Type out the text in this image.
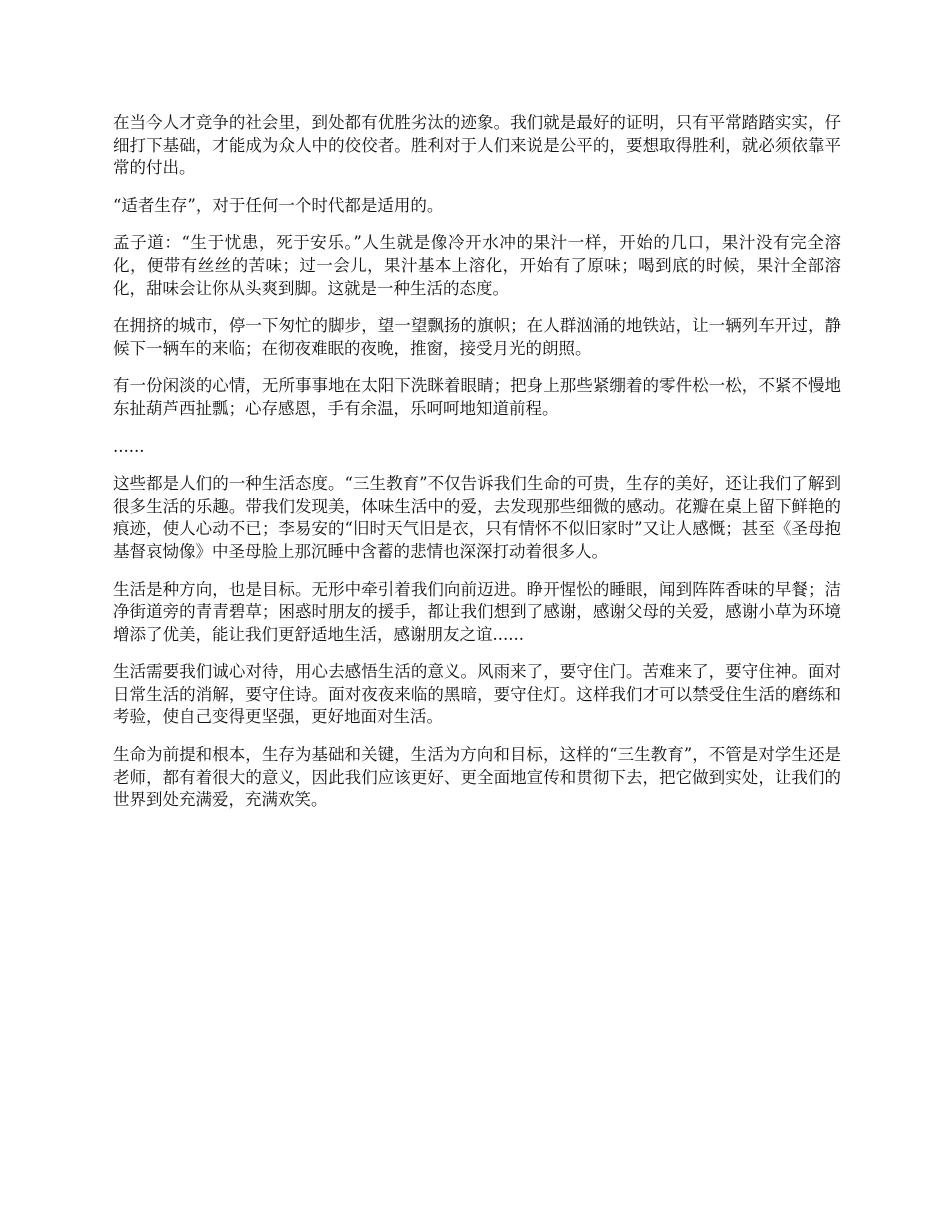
在当今人才竞争的社会里，到处都有优胜劣汰的迹象。我们就是最好的证明，只有平常踏踏实实，仔细打下基础，才能成为众人中的佼佼者。胜利对于人们来说是公平的，要想取得胜利，就必须依靠平常的付出。

“适者生存”，对于任何一个时代都是适用的。

孟子道：“生于忧患，死于安乐。”人生就是像冷开水冲的果汁一样，开始的几口，果汁没有完全溶化，便带有丝丝的苦味；过一会儿，果汁基本上溶化，开始有了原味；喝到底的时候，果汁全部溶化，甜味会让你从头爽到脚。这就是一种生活的态度。

在拥挤的城市，停一下匆忙的脚步，望一望飘扬的旗帜；在人群汹涌的地铁站，让一辆列车开过，静候下一辆车的来临；在彻夜难眠的夜晚，推窗，接受月光的朗照。

有一份闲淡的心情，无所事事地在太阳下洗眯着眼睛；把身上那些紧绷着的零件松一松，不紧不慢地东扯葫芦西扯瓢；心存感恩，手有余温，乐呵呵地知道前程。

......

这些都是人们的一种生活态度。“三生教育”不仅告诉我们生命的可贵，生存的美好，还让我们了解到很多生活的乐趣。带我们发现美，体味生活中的爱，去发现那些细微的感动。花瓣在桌上留下鲜艳的痕迹，使人心动不已；李易安的“旧时天气旧是衣，只有情怀不似旧家时”又让人感慨；甚至《圣母抱基督哀恸像》中圣母脸上那沉睡中含蓄的悲情也深深打动着很多人。

生活是种方向，也是目标。无形中牵引着我们向前迈进。睁开惺忪的睡眼，闻到阵阵香味的早餐；洁净街道旁的青青碧草；困惑时朋友的援手，都让我们想到了感谢，感谢父母的关爱，感谢小草为环境增添了优美，能让我们更舒适地生活，感谢朋友之谊......

生活需要我们诚心对待，用心去感悟生活的意义。风雨来了，要守住门。苦难来了，要守住神。面对日常生活的消解，要守住诗。面对夜夜来临的黑暗，要守住灯。这样我们才可以禁受住生活的磨练和考验，使自己变得更坚强，更好地面对生活。

生命为前提和根本，生存为基础和关键，生活为方向和目标，这样的“三生教育”，不管是对学生还是老师，都有着很大的意义，因此我们应该更好、更全面地宣传和贯彻下去，把它做到实处，让我们的世界到处充满爱，充满欢笑。
